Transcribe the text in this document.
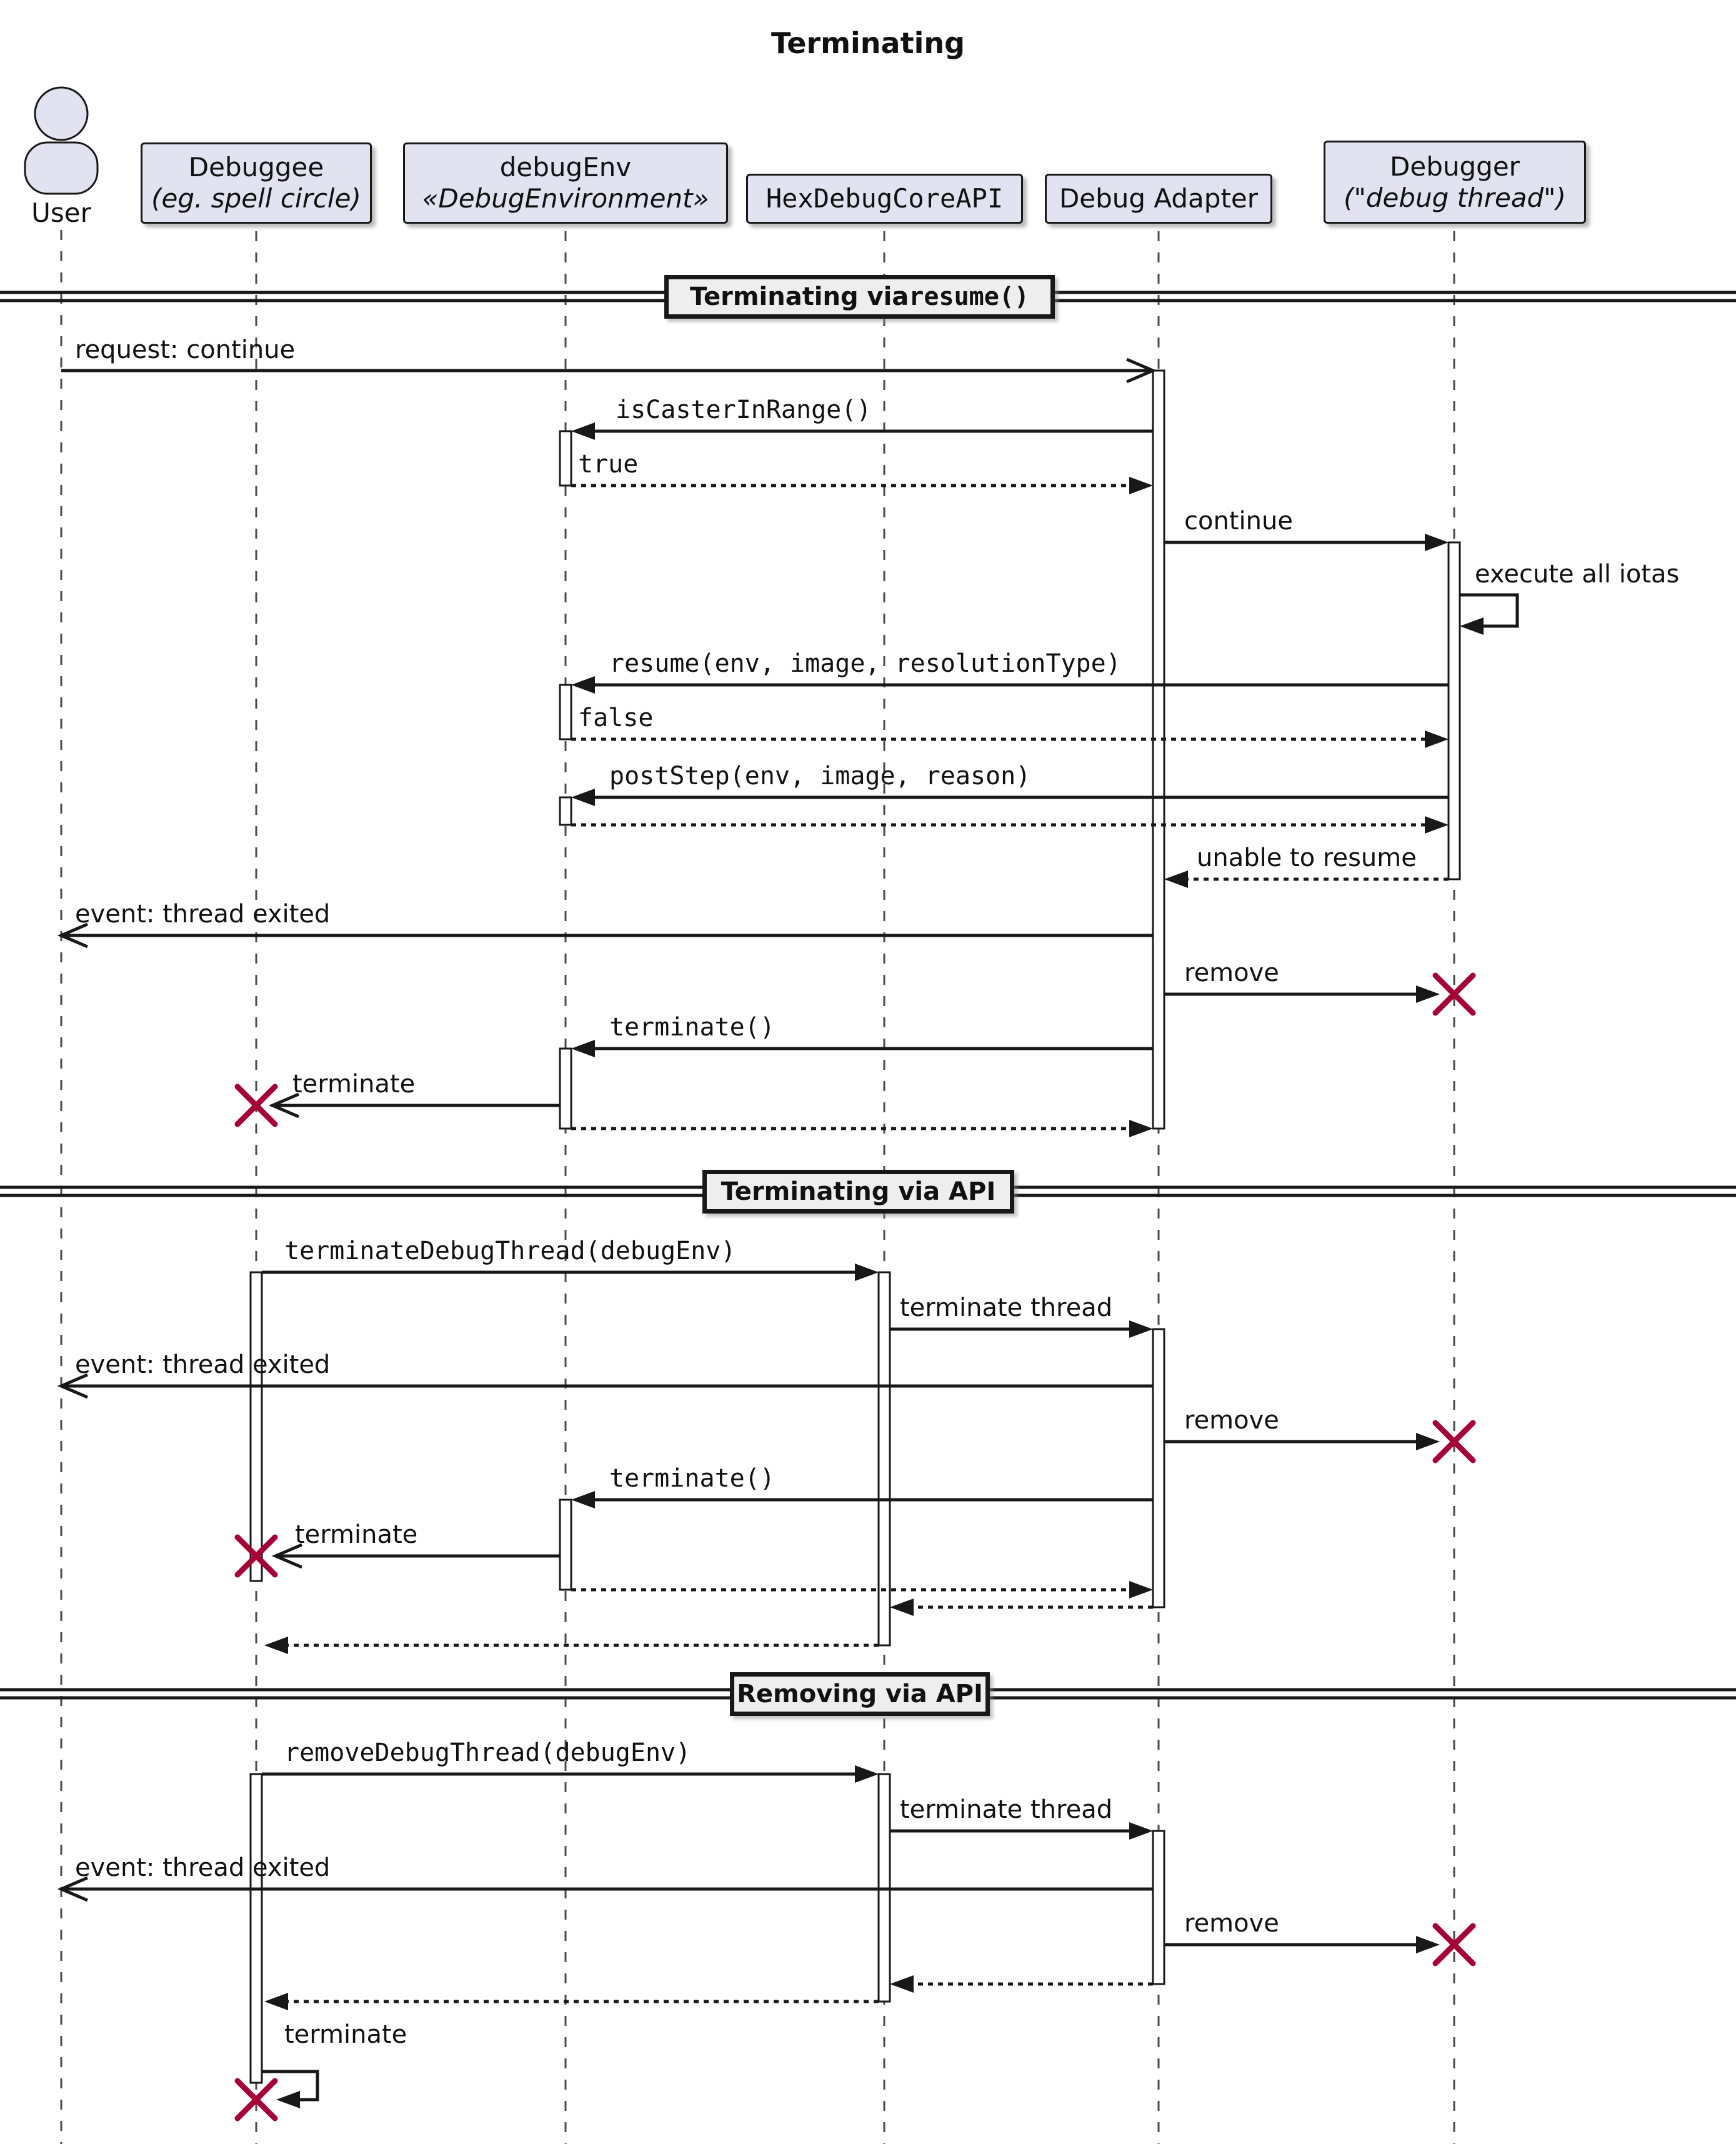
Terminating
User
Debuggee
(eg. spell circle)
debugEnv
«DebugEnvironment» HexDebugCoreAPI Debug Adapter
Debugger
("debug thread")
Terminating via resume()
Terminating via API
Removing via API
request: continue
isCasterInRange()
true
continue
execute all iotas
resume(env, image, resolutionType)
false
postStep(env, image, reason)
unable to resume
event: thread exited
remove
terminate()
terminate
terminateDebugThread(debugEnv)
terminate thread
event: thread exited
remove
terminate()
terminate
removeDebugThread(debugEnv)
terminate thread
event: thread exited
remove
terminate
